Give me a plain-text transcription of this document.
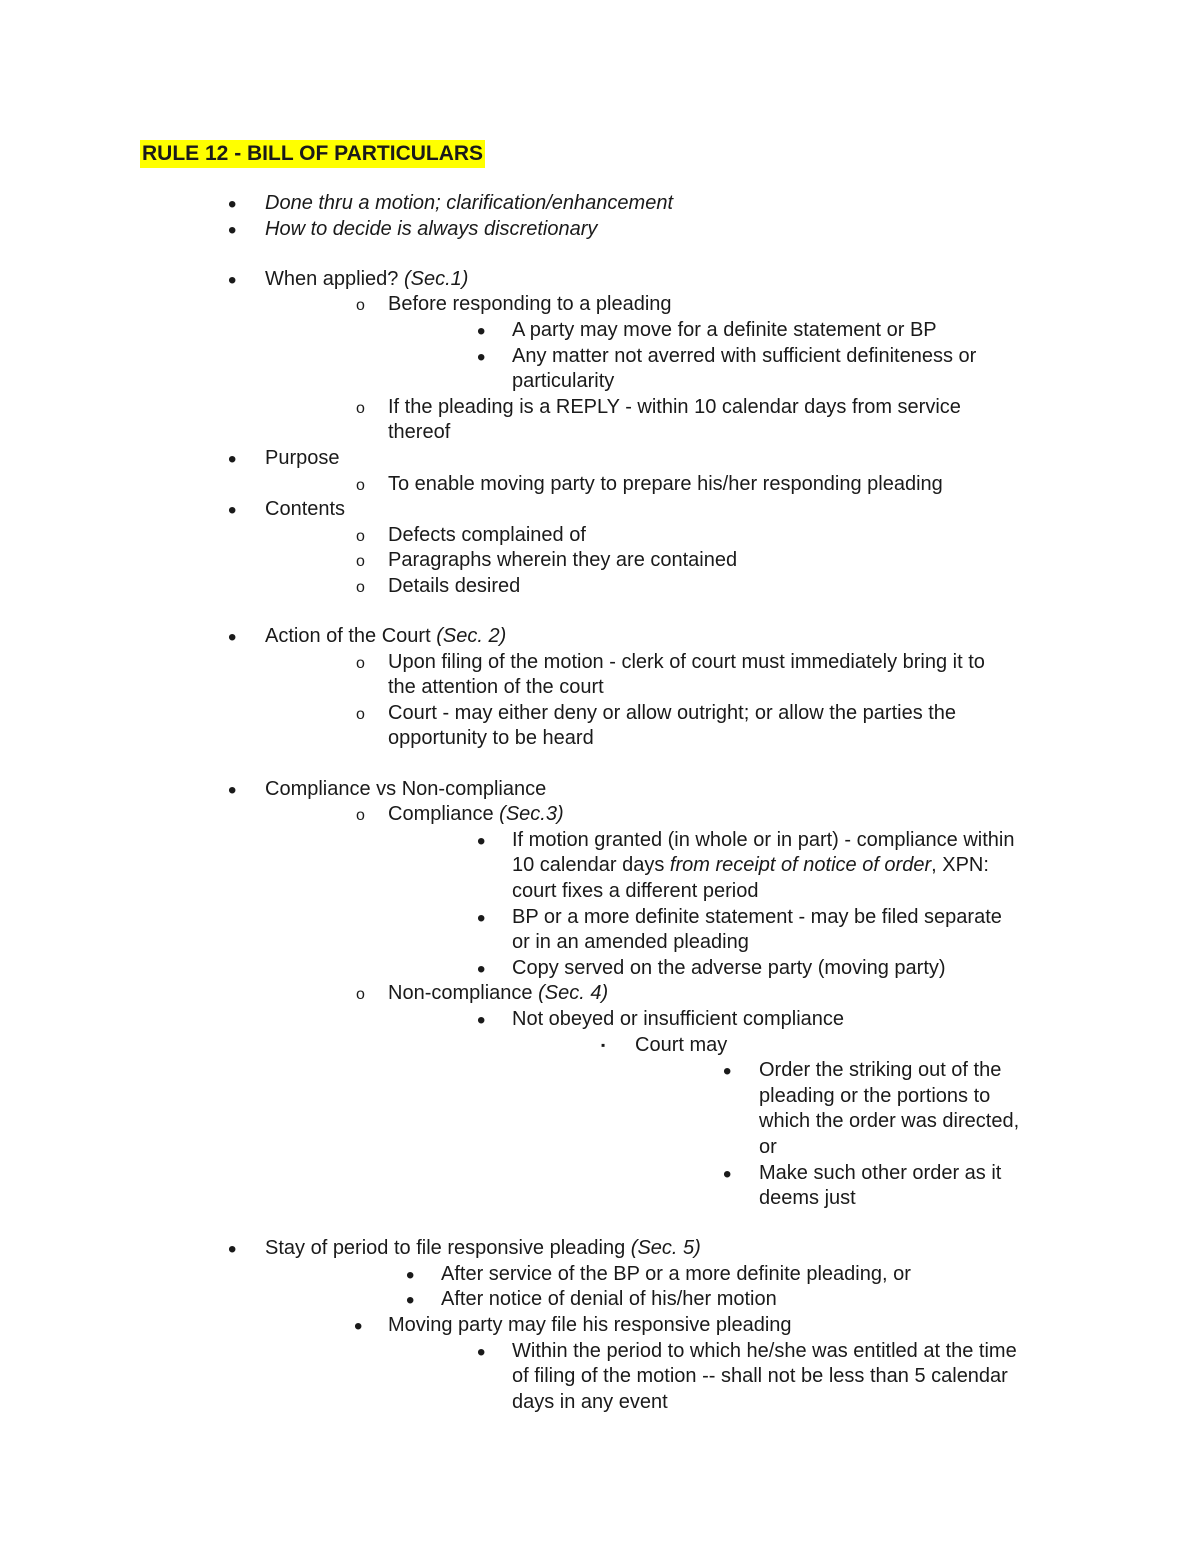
RULE 12 - BILL OF PARTICULARS
•
Done thru a motion; clarification/enhancement
•
How to decide is always discretionary
•
When applied? (Sec.1)
o
Before responding to a pleading
•
A party may move for a definite statement or BP
•
Any matter not averred with sufficient definiteness or
particularity
o
If the pleading is a REPLY - within 10 calendar days from service
thereof
•
Purpose
o
To enable moving party to prepare his/her responding pleading
•
Contents
o
Defects complained of
o
Paragraphs wherein they are contained
o
Details desired
•
Action of the Court (Sec. 2)
o
Upon filing of the motion - clerk of court must immediately bring it to
the attention of the court
o
Court - may either deny or allow outright; or allow the parties the
opportunity to be heard
•
Compliance vs Non-compliance
o
Compliance (Sec.3)
•
If motion granted (in whole or in part) - compliance within
10 calendar days from receipt of notice of order, XPN:
court fixes a different period
•
BP or a more definite statement - may be filed separate
or in an amended pleading
•
Copy served on the adverse party (moving party)
o
Non-compliance (Sec. 4)
•
Not obeyed or insufficient compliance
▪
Court may
•
Order the striking out of the
pleading or the portions to
which the order was directed,
or
•
Make such other order as it
deems just
•
Stay of period to file responsive pleading (Sec. 5)
•
After service of the BP or a more definite pleading, or
•
After notice of denial of his/her motion
•
Moving party may file his responsive pleading
•
Within the period to which he/she was entitled at the time
of filing of the motion -- shall not be less than 5 calendar
days in any event
